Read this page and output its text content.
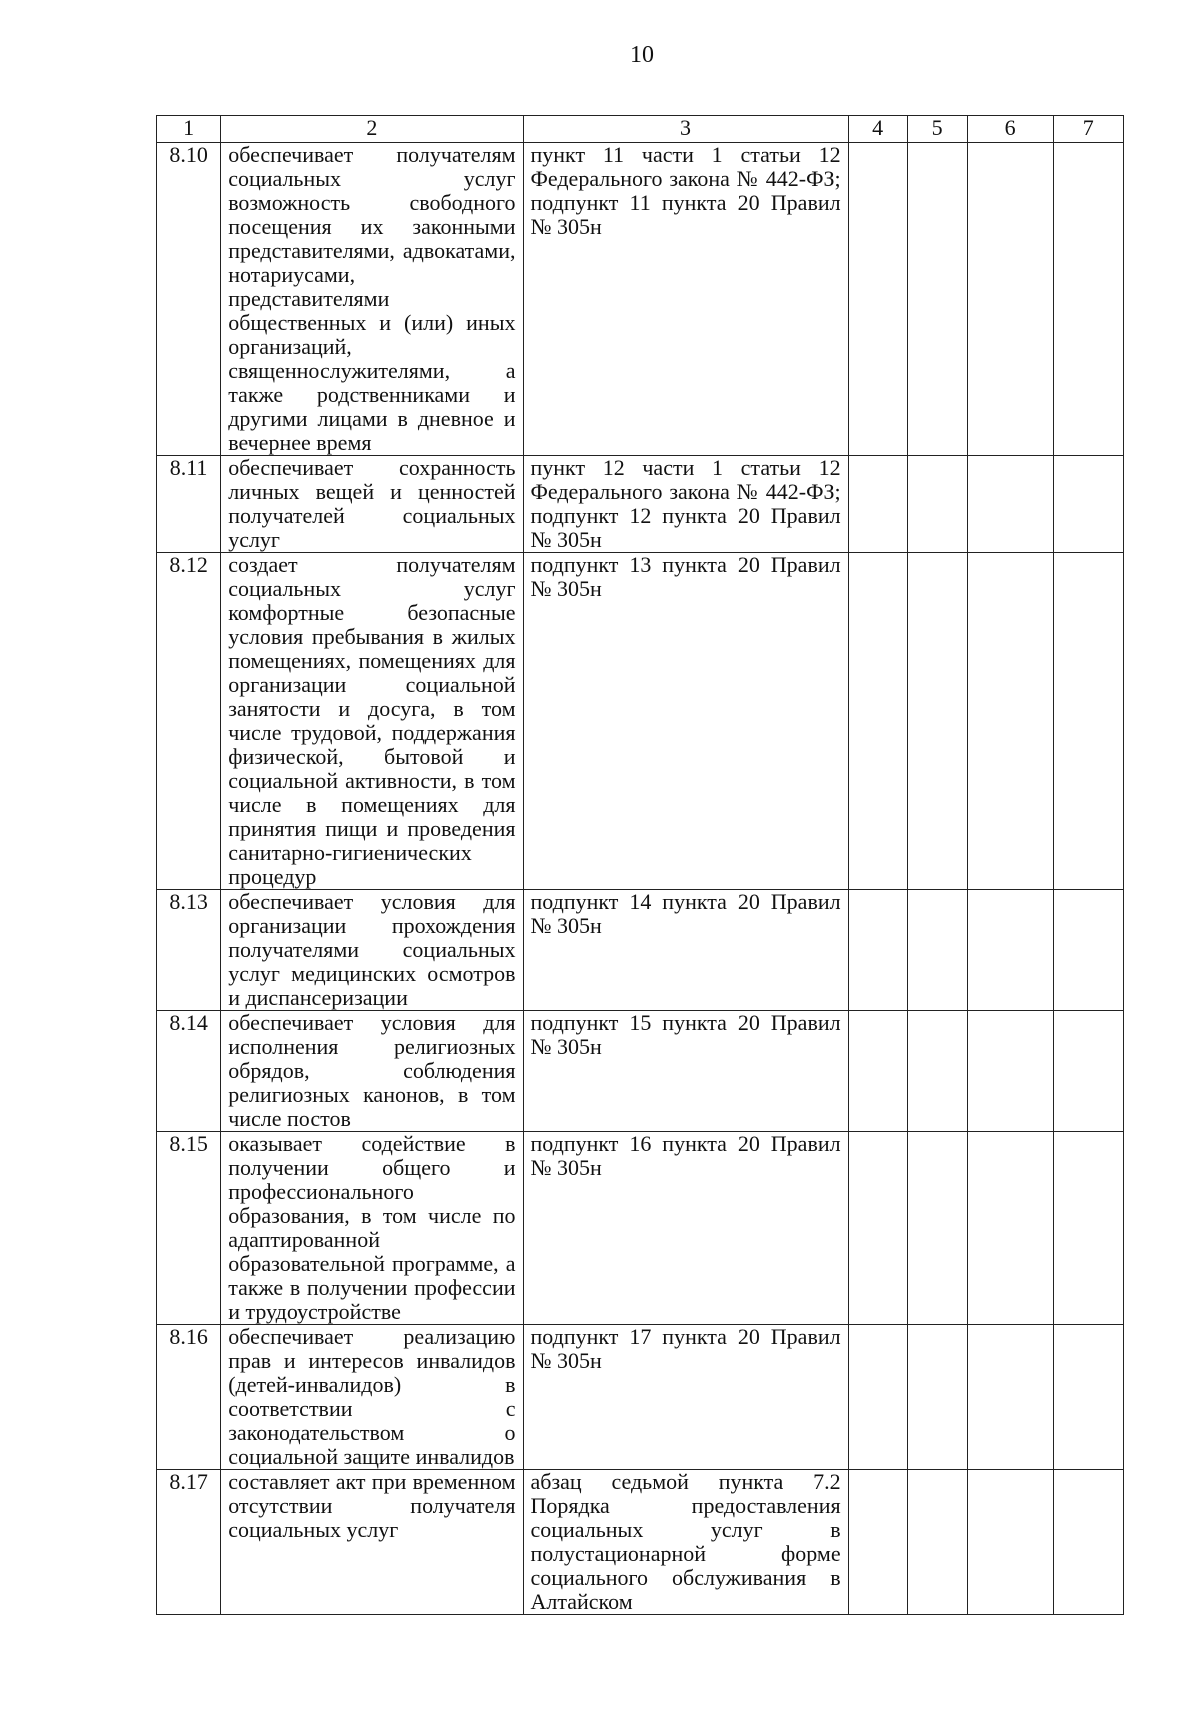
10
1	2	3	4	5	6	7
8.10	обеспечивает получателям социальных услуг возможность свободного посещения их законными представителями, адвокатами, нотариусами, представителями общественных и (или) иных организаций, священнослужителями, а также родственниками и другими лицами в дневное и вечернее время	пункт 11 части 1 статьи 12 Федерального закона № 442-ФЗ; подпункт 11 пункта 20 Правил № 305н				
8.11	обеспечивает сохранность личных вещей и ценностей получателей социальных услуг	пункт 12 части 1 статьи 12 Федерального закона № 442-ФЗ; подпункт 12 пункта 20 Правил № 305н				
8.12	создает получателям социальных услуг комфортные безопасные условия пребывания в жилых помещениях, помещениях для организации социальной занятости и досуга, в том числе трудовой, поддержания физической, бытовой и социальной активности, в том числе в помещениях для принятия пищи и проведения санитарно-гигиенических процедур	подпункт 13 пункта 20 Правил № 305н				
8.13	обеспечивает условия для организации прохождения получателями социальных услуг медицинских осмотров и диспансеризации	подпункт 14 пункта 20 Правил № 305н				
8.14	обеспечивает условия для исполнения религиозных обрядов, соблюдения религиозных канонов, в том числе постов	подпункт 15 пункта 20 Правил № 305н				
8.15	оказывает содействие в получении общего и профессионального образования, в том числе по адаптированной образовательной программе, а также в получении профессии и трудоустройстве	подпункт 16 пункта 20 Правил № 305н				
8.16	обеспечивает реализацию прав и интересов инвалидов (детей-инвалидов) в соответствии с законодательством о социальной защите инвалидов	подпункт 17 пункта 20 Правил № 305н				
8.17	составляет акт при временном отсутствии получателя социальных услуг	абзац седьмой пункта 7.2 Порядка предоставления социальных услуг в полустационарной форме социального обслуживания в Алтайском				
